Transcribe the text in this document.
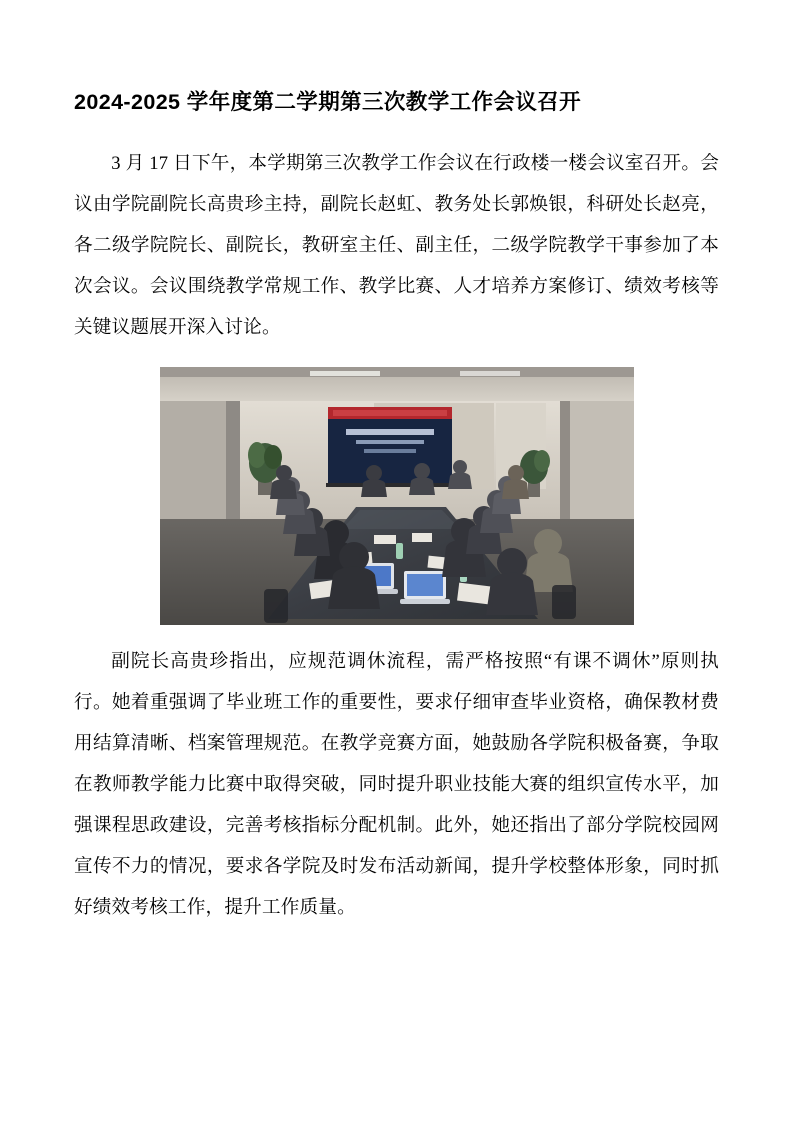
2024-2025 学年度第二学期第三次教学工作会议召开

3 月 17 日下午，本学期第三次教学工作会议在行政楼一楼会议室召开。会议由学院副院长高贵珍主持，副院长赵虹、教务处长郭焕银，科研处长赵亮，各二级学院院长、副院长，教研室主任、副主任，二级学院教学干事参加了本次会议。会议围绕教学常规工作、教学比赛、人才培养方案修订、绩效考核等关键议题展开深入讨论。

副院长高贵珍指出，应规范调休流程，需严格按照“有课不调休”原则执行。她着重强调了毕业班工作的重要性，要求仔细审查毕业资格，确保教材费用结算清晰、档案管理规范。在教学竞赛方面，她鼓励各学院积极备赛，争取在教师教学能力比赛中取得突破，同时提升职业技能大赛的组织宣传水平，加强课程思政建设，完善考核指标分配机制。此外，她还指出了部分学院校园网宣传不力的情况，要求各学院及时发布活动新闻，提升学校整体形象，同时抓好绩效考核工作，提升工作质量。
